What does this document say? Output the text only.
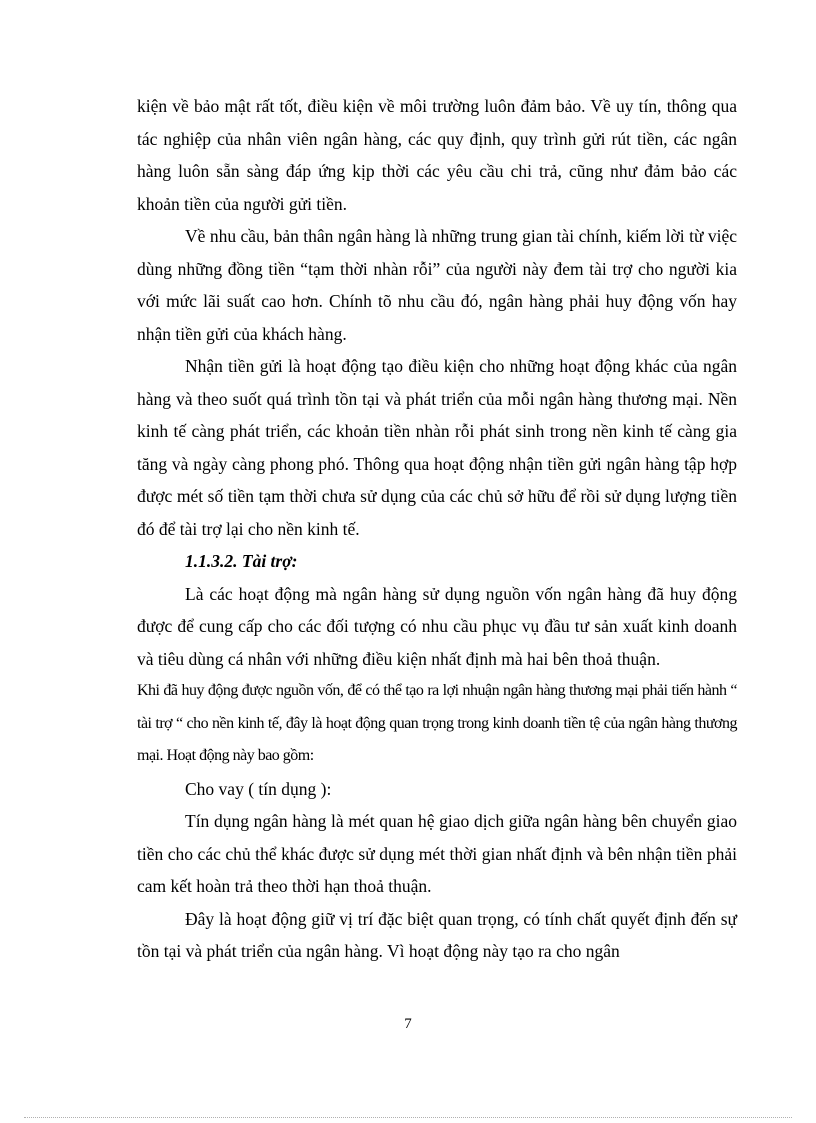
kiện về bảo mật rất tốt, điều kiện về môi trường luôn đảm bảo. Về uy tín, thông qua tác nghiệp của nhân viên ngân hàng, các quy định, quy trình gửi rút tiền, các ngân hàng luôn sẵn sàng đáp ứng kịp thời các yêu cầu chi trả, cũng như đảm bảo các khoản tiền của người gửi tiền.

Về nhu cầu, bản thân ngân hàng là những trung gian tài chính, kiếm lời từ việc dùng những đồng tiền “tạm thời nhàn rỗi” của người này đem tài trợ cho người kia với mức lãi suất cao hơn. Chính tõ nhu cầu đó, ngân hàng phải huy động vốn hay nhận tiền gửi của khách hàng.

Nhận tiền gửi là hoạt động tạo điều kiện cho những hoạt động khác của ngân hàng và theo suốt quá trình tồn tại và phát triển của mỗi ngân hàng thương mại. Nền kinh tế càng phát triển, các khoản tiền nhàn rỗi phát sinh trong nền kinh tế càng gia tăng và ngày càng phong phó. Thông qua hoạt động nhận tiền gửi ngân hàng tập hợp được mét số tiền tạm thời chưa sử dụng của các chủ sở hữu để rồi sử dụng lượng tiền đó để tài trợ lại cho nền kinh tế.

1.1.3.2. Tài trợ:

Là các hoạt động mà ngân hàng sử dụng nguồn vốn ngân hàng đã huy động được để cung cấp cho các đối tượng có nhu cầu phục vụ đầu tư sản xuất kinh doanh và tiêu dùng cá nhân với những điều kiện nhất định mà hai bên thoả thuận.

Khi đã huy động được nguồn vốn, để có thể tạo ra lợi nhuận ngân hàng thương mại phải tiến hành “ tài trợ “ cho nền kinh tế, đây là hoạt động quan trọng trong kinh doanh tiền tệ của ngân hàng thương mại. Hoạt động này bao gồm:

Cho vay ( tín dụng ):

Tín dụng ngân hàng là mét quan hệ giao dịch giữa ngân hàng bên chuyển giao tiền cho các chủ thể khác được sử dụng mét thời gian nhất định và bên nhận tiền phải cam kết hoàn trả theo thời hạn thoả thuận.

Đây là hoạt động giữ vị trí đặc biệt quan trọng, có tính chất quyết định đến sự tồn tại và phát triển của ngân hàng. Vì hoạt động này tạo ra cho ngân

7
